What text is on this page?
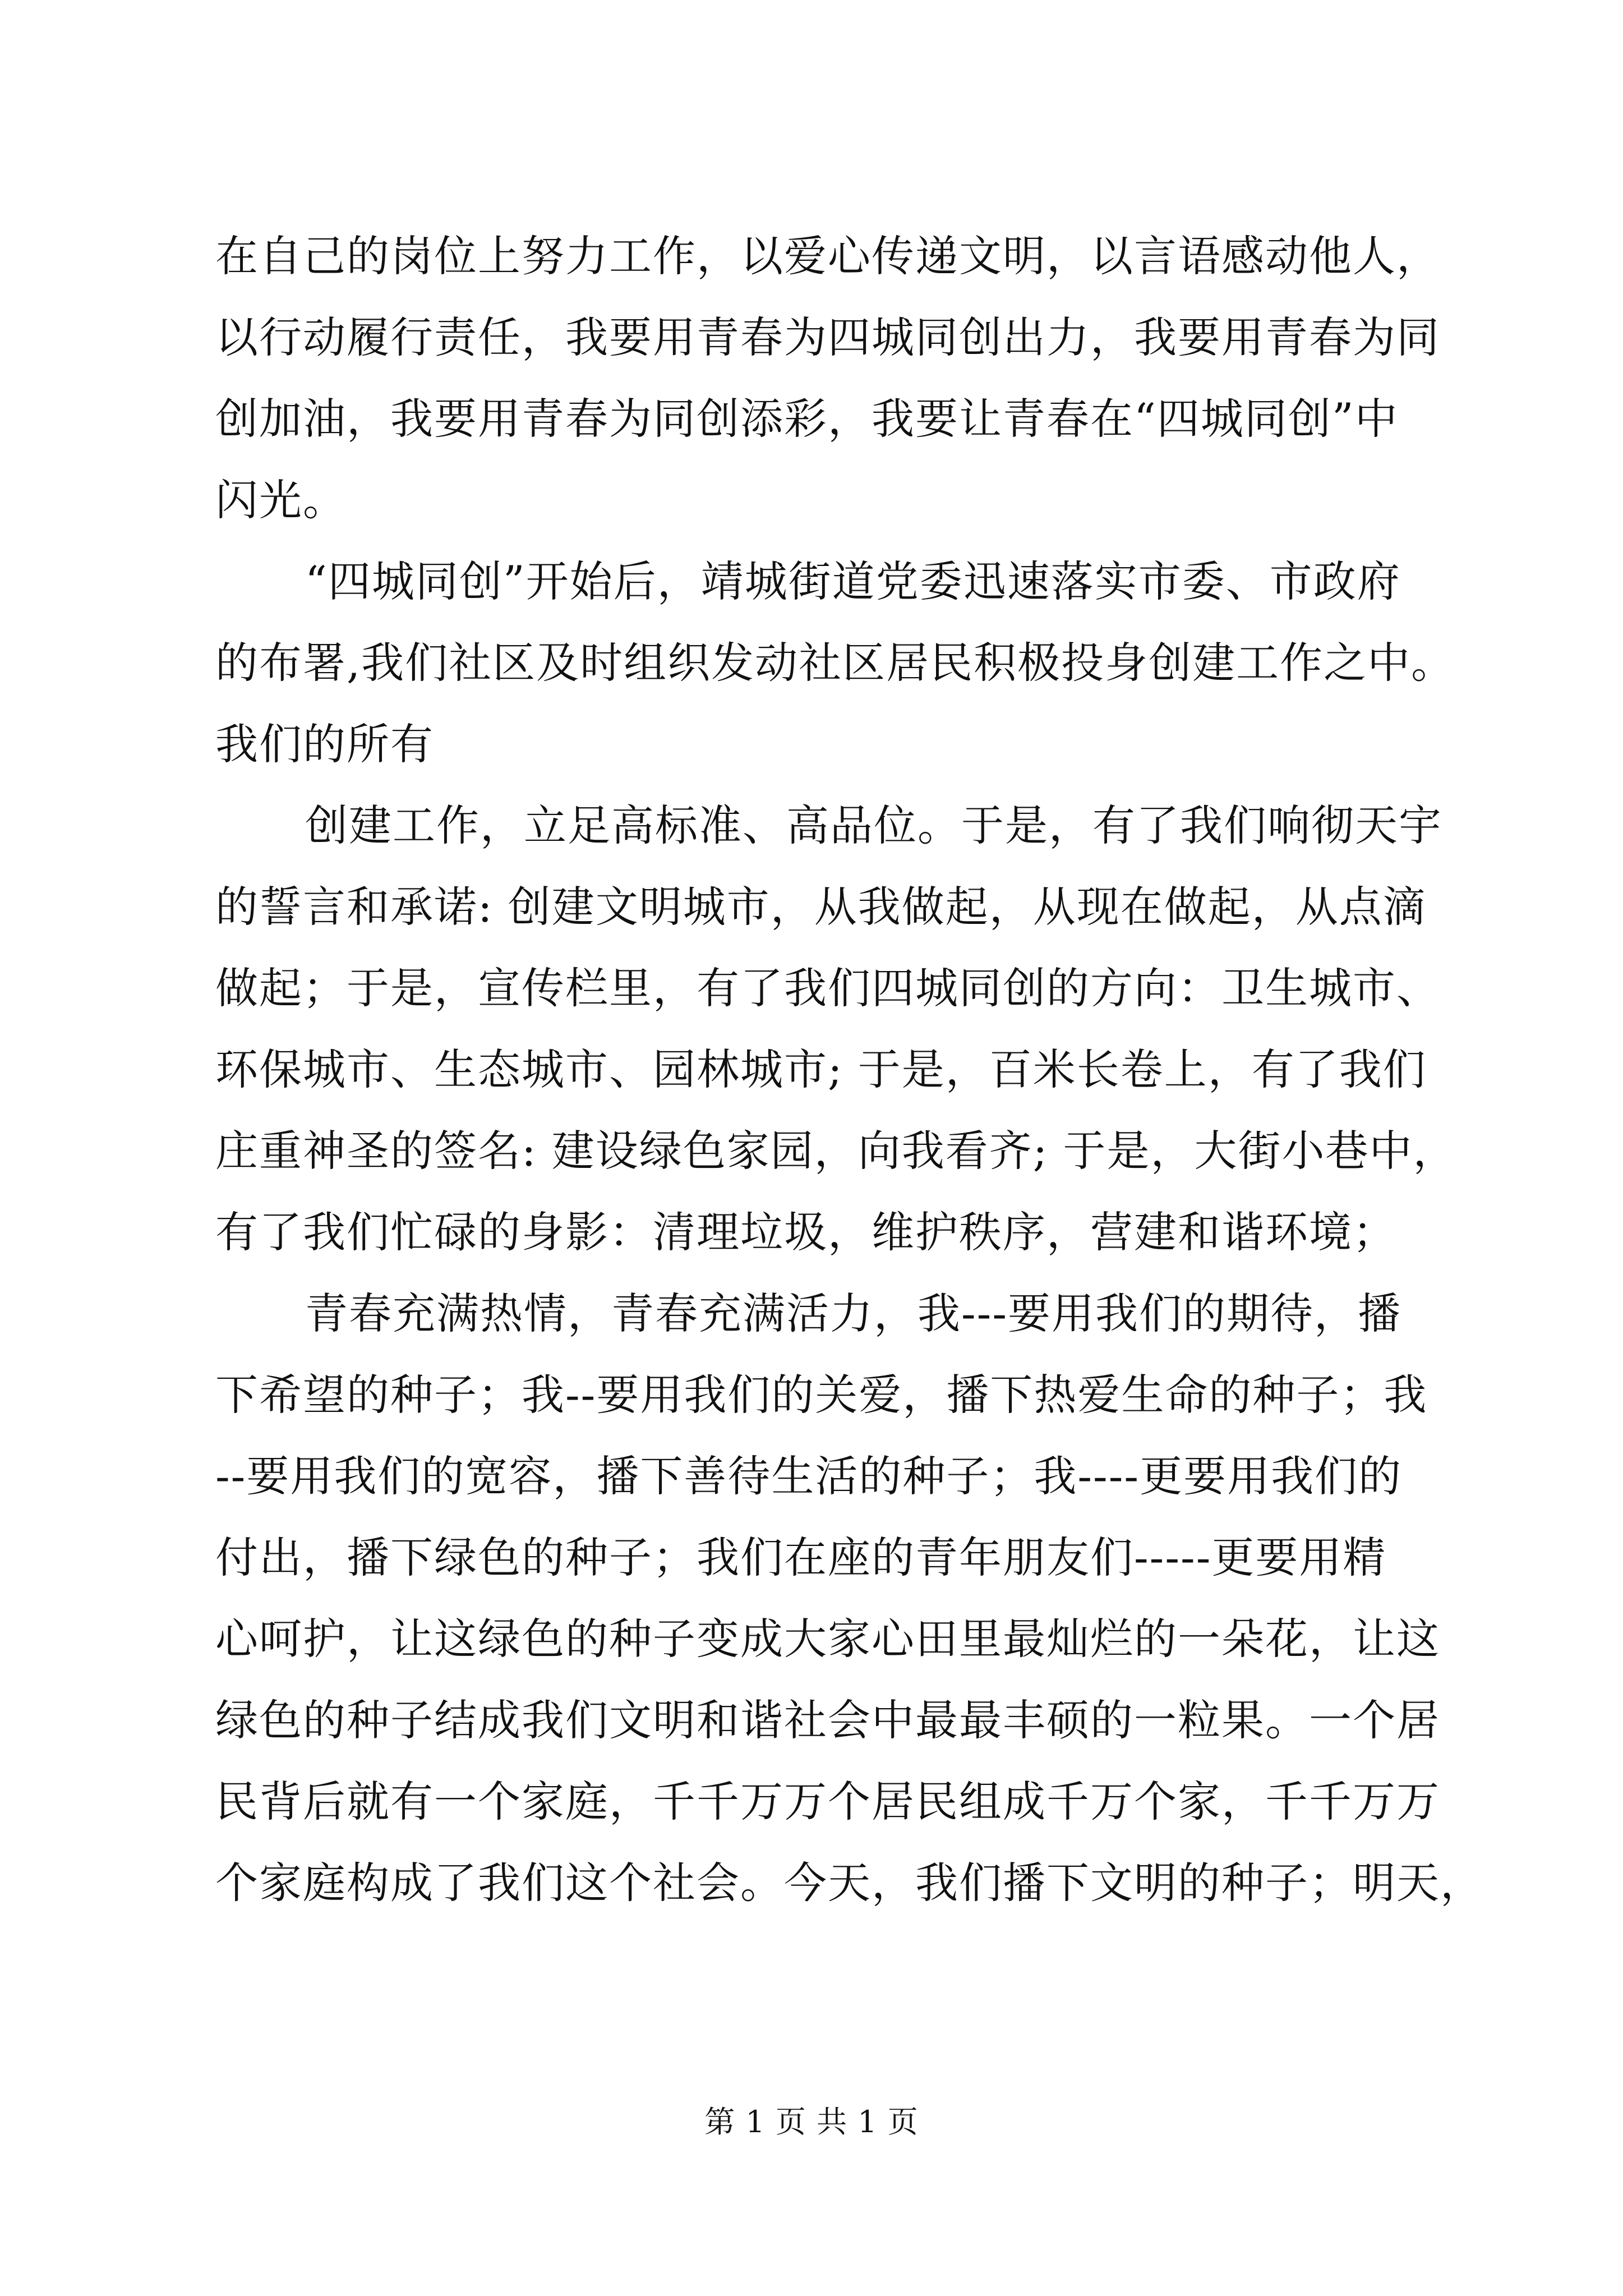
在自己的岗位上努力工作，以爱心传递文明，以言语感动他人，
以行动履行责任，我要用青春为四城同创出力，我要用青春为同
创加油，我要用青春为同创添彩，我要让青春在“四城同创”中
闪光。
“四城同创”开始后，靖城街道党委迅速落实市委、市政府
的布署,我们社区及时组织发动社区居民积极投身创建工作之中。
我们的所有
创建工作，立足高标准、高品位。于是，有了我们响彻天宇
的誓言和承诺: 创建文明城市，从我做起，从现在做起，从点滴
做起；于是，宣传栏里，有了我们四城同创的方向：卫生城市、
环保城市、生态城市、园林城市; 于是，百米长卷上，有了我们
庄重神圣的签名: 建设绿色家园，向我看齐; 于是，大街小巷中，
有了我们忙碌的身影：清理垃圾，维护秩序，营建和谐环境；
青春充满热情，青春充满活力，我---要用我们的期待，播
下希望的种子；我--要用我们的关爱，播下热爱生命的种子；我
--要用我们的宽容，播下善待生活的种子；我----更要用我们的
付出，播下绿色的种子；我们在座的青年朋友们-----更要用精
心呵护，让这绿色的种子变成大家心田里最灿烂的一朵花，让这
绿色的种子结成我们文明和谐社会中最最丰硕的一粒果。一个居
民背后就有一个家庭，千千万万个居民组成千万个家，千千万万
个家庭构成了我们这个社会。今天，我们播下文明的种子；明天，
第 1 页 共 1 页
